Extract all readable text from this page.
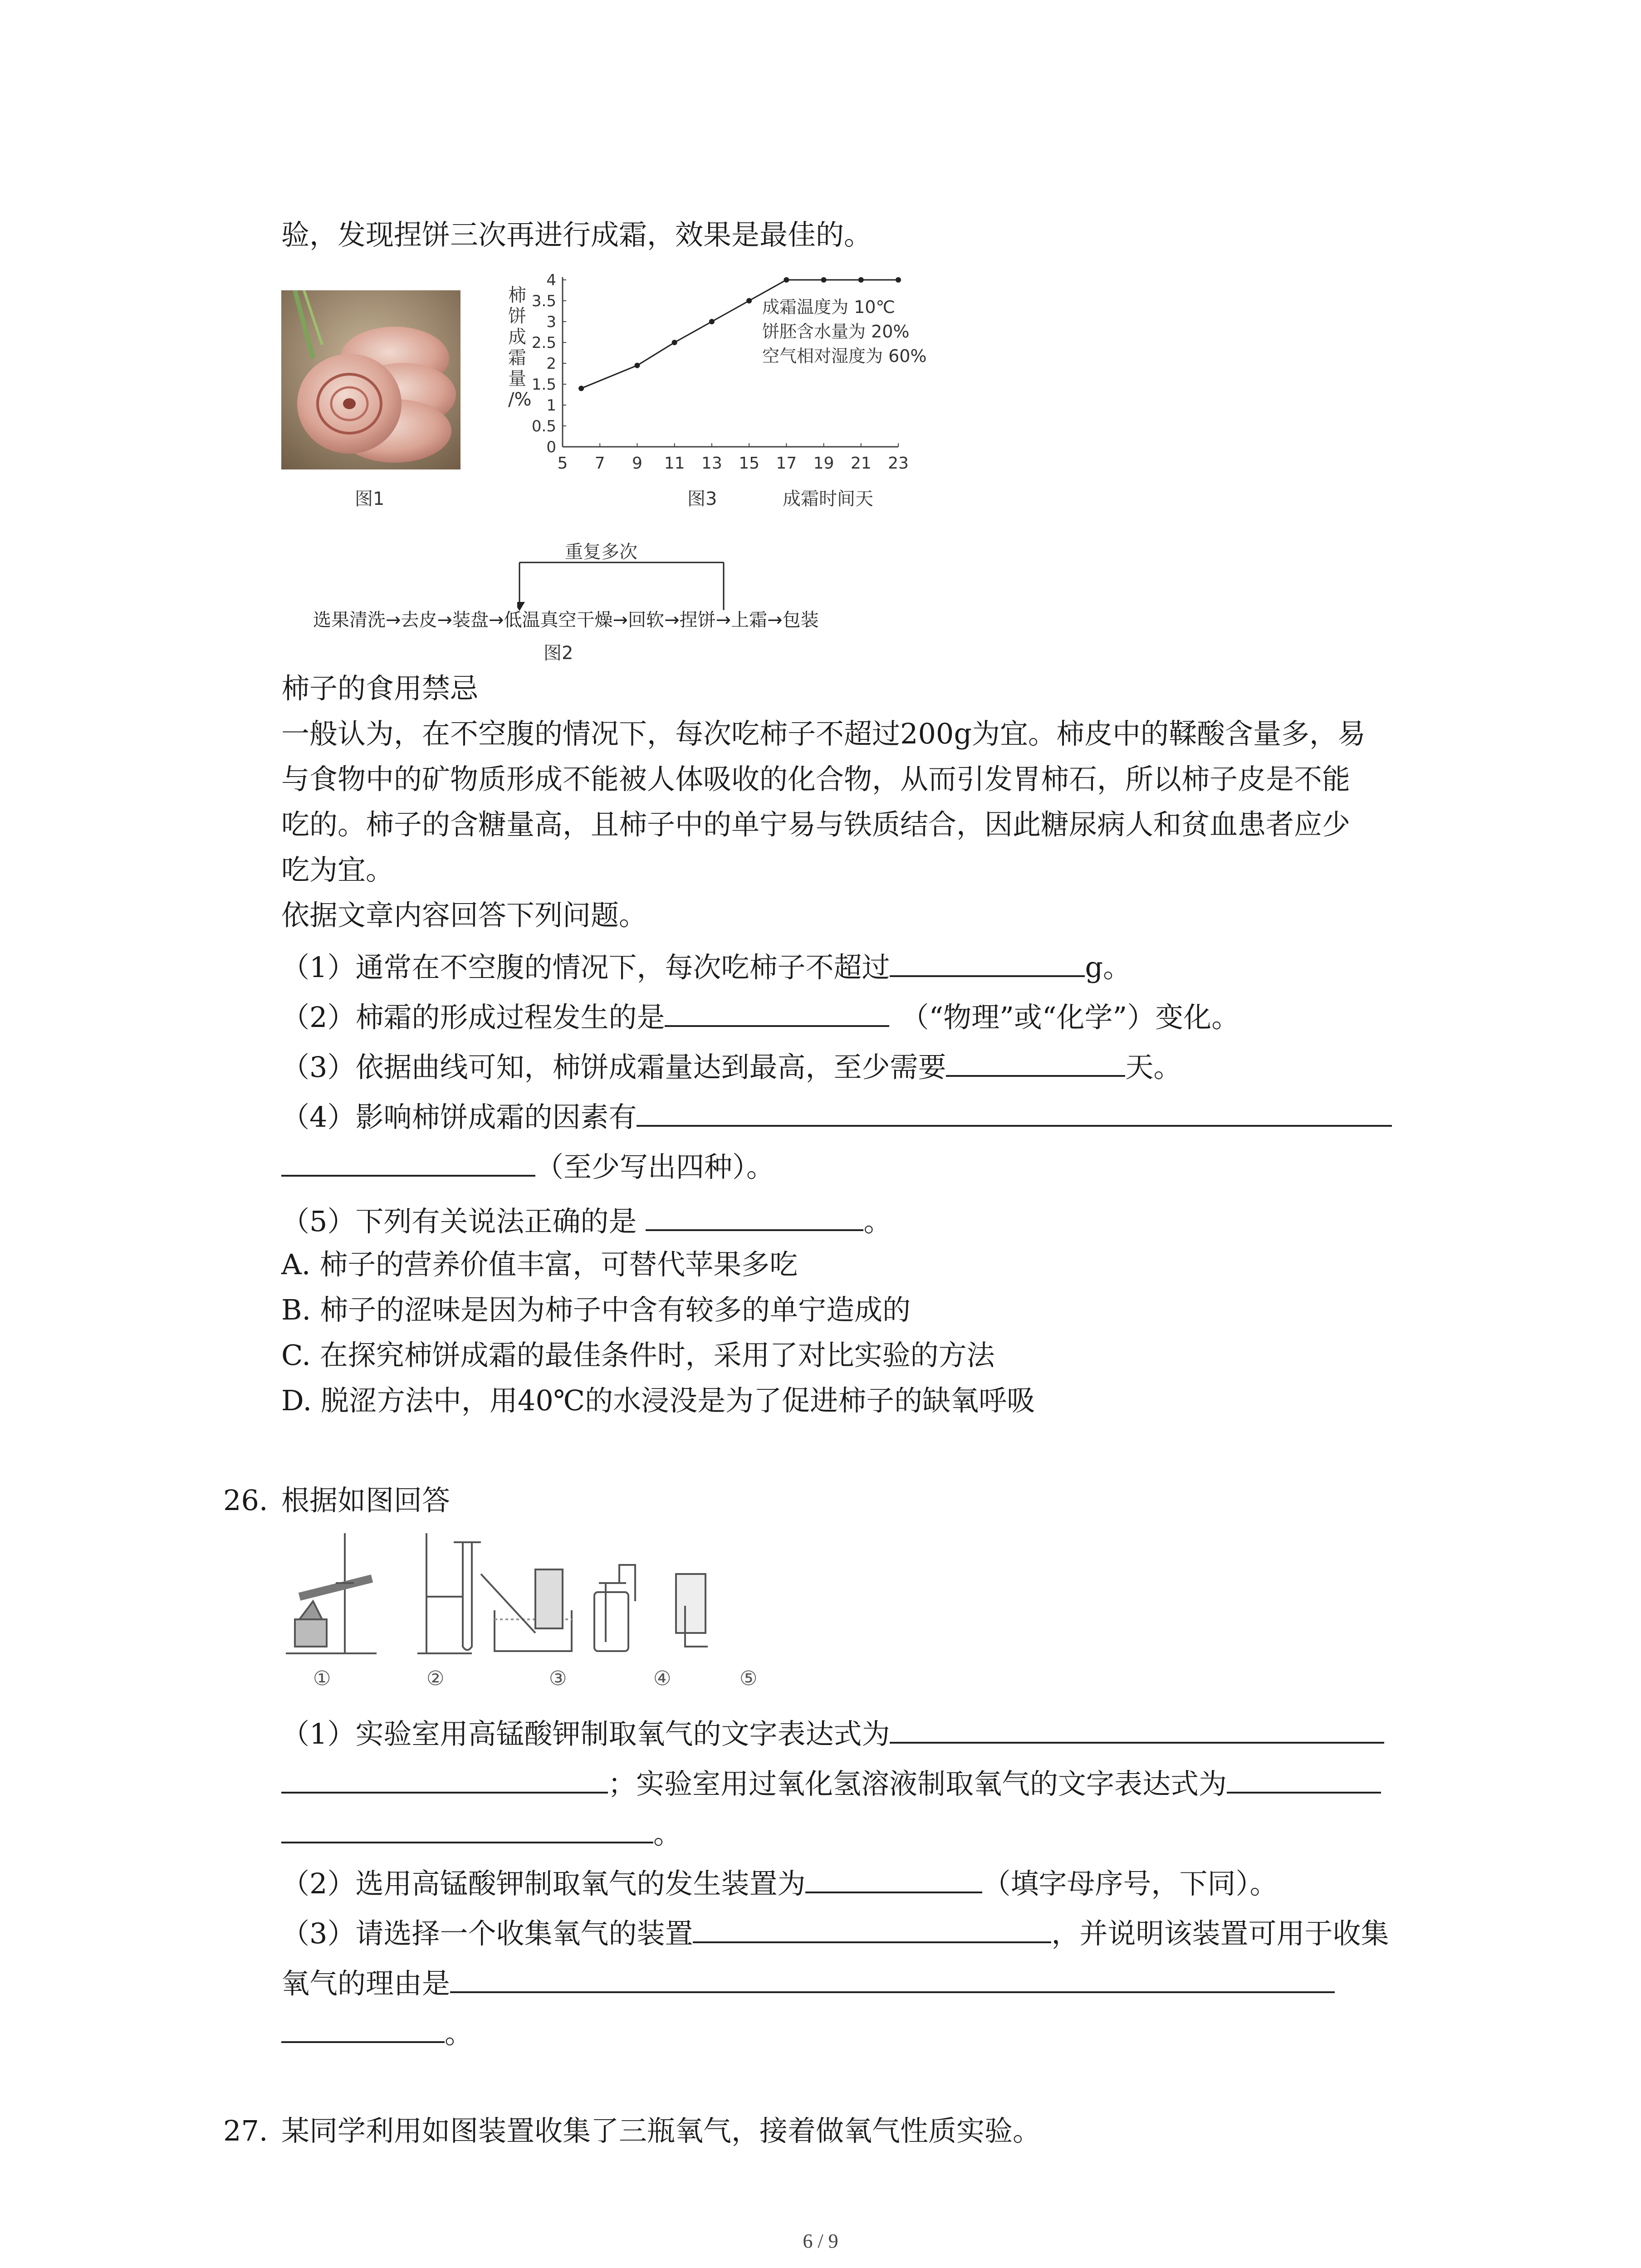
验，发现捏饼三次再进行成霜，效果是最佳的。
图1
5 7 9 11 13 15 17 19 21 23
0
0.5
1
1.5
2
2.5
3
3.5
4
柿
饼
成
霜
量
/%
成霜温度为 10℃
饼胚含水量为 20%
空气相对湿度为 60%
图3	成霜时间天
重复多次
选果清洗→去皮→装盘→低温真空干燥→回软→捏饼→上霜→包装
图2
柿子的食用禁忌
一般认为，在不空腹的情况下，每次吃柿子不超过200g为宜。柿皮中的鞣酸含量多，易
与食物中的矿物质形成不能被人体吸收的化合物，从而引发胃柿石，所以柿子皮是不能
吃的。柿子的含糖量高，且柿子中的单宁易与铁质结合，因此糖尿病人和贫血患者应少
吃为宜。
依据文章内容回答下列问题。
（1）通常在不空腹的情况下，每次吃柿子不超过	g。
（2）柿霜的形成过程发生的是	（“物理”或“化学”）变化。
（3）依据曲线可知，柿饼成霜量达到最高，至少需要	天。
（4）影响柿饼成霜的因素有
（至少写出四种）。
（5）下列有关说法正确的是	。
A. 柿子的营养价值丰富，可替代苹果多吃
B. 柿子的涩味是因为柿子中含有较多的单宁造成的
C. 在探究柿饼成霜的最佳条件时，采用了对比实验的方法
D. 脱涩方法中，用40℃的水浸没是为了促进柿子的缺氧呼吸
26. 根据如图回答
①	②	③	④	⑤
（1）实验室用高锰酸钾制取氧气的文字表达式为
；实验室用过氧化氢溶液制取氧气的文字表达式为
。
（2）选用高锰酸钾制取氧气的发生装置为	（填字母序号，下同）。
（3）请选择一个收集氧气的装置	，并说明该装置可用于收集
氧气的理由是
。
27. 某同学利用如图装置收集了三瓶氧气，接着做氧气性质实验。
6 / 9
